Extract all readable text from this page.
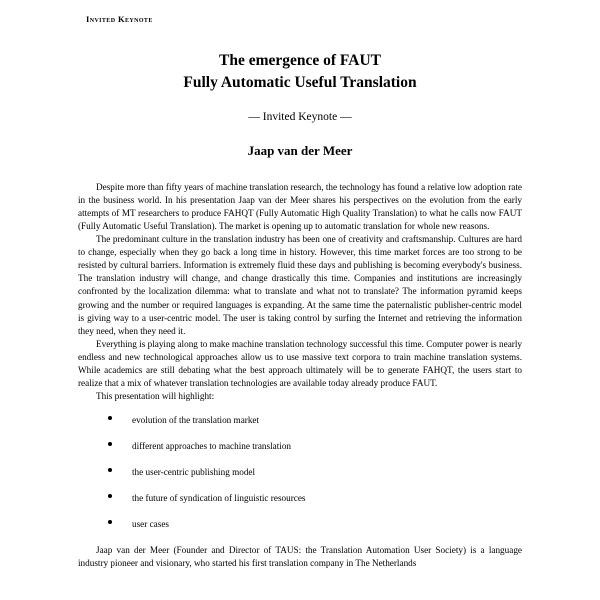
Invited Keynote
The emergence of FAUT
Fully Automatic Useful Translation
— Invited Keynote —
Jaap van der Meer

Despite more than fifty years of machine translation research, the technology has found a relative low adoption rate in the business world. In his presentation Jaap van der Meer shares his perspectives on the evolution from the early attempts of MT researchers to produce FAHQT (Fully Automatic High Quality Translation) to what he calls now FAUT (Fully Automatic Useful Translation). The market is opening up to automatic translation for whole new reasons.

The predominant culture in the translation industry has been one of creativity and craftsmanship. Cultures are hard to change, especially when they go back a long time in history. However, this time market forces are too strong to be resisted by cultural barriers. Information is extremely fluid these days and publishing is becoming everybody's business. The translation industry will change, and change drastically this time. Companies and institutions are increasingly confronted by the localization dilemma: what to translate and what not to translate? The information pyramid keeps growing and the number or required languages is expanding. At the same time the paternalistic publisher-centric model is giving way to a user-centric model. The user is taking control by surfing the Internet and retrieving the information they need, when they need it.

Everything is playing along to make machine translation technology successful this time. Computer power is nearly endless and new technological approaches allow us to use massive text corpora to train machine translation systems. While academics are still debating what the best approach ultimately will be to generate FAHQT, the users start to realize that a mix of whatever translation technologies are available today already produce FAUT.

This presentation will highlight:

evolution of the translation market
different approaches to machine translation
the user-centric publishing model
the future of syndication of linguistic resources
user cases

Jaap van der Meer (Founder and Director of TAUS: the Translation Automation User Society) is a language industry pioneer and visionary, who started his first translation company in The Netherlands
